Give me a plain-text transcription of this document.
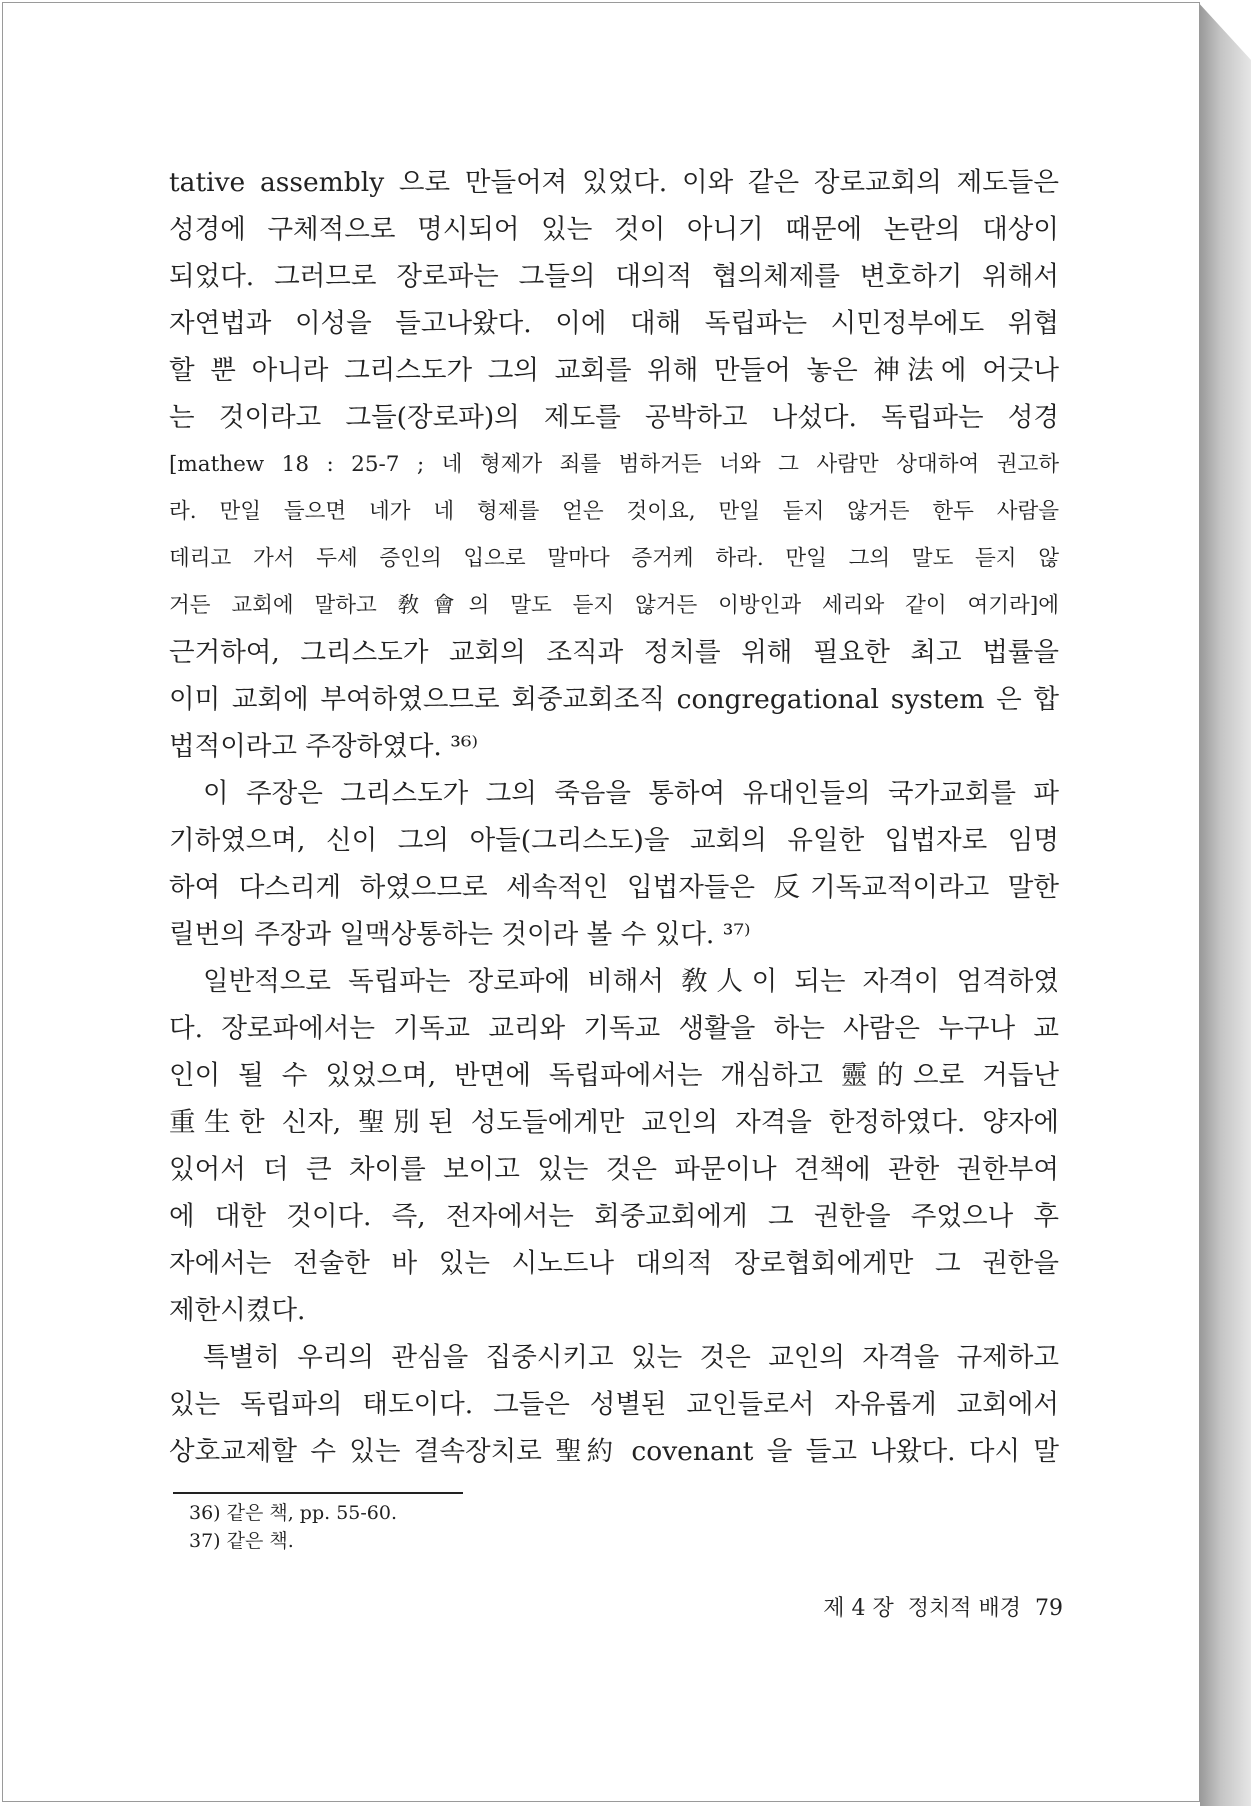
tative assembly 으로 만들어져 있었다. 이와 같은 장로교회의 제도들은
성경에 구체적으로 명시되어 있는 것이 아니기 때문에 논란의 대상이
되었다. 그러므로 장로파는 그들의 대의적 협의체제를 변호하기 위해서
자연법과 이성을 들고나왔다. 이에 대해 독립파는 시민정부에도 위협
할 뿐 아니라 그리스도가 그의 교회를 위해 만들어 놓은 神法에 어긋나
는 것이라고 그들(장로파)의 제도를 공박하고 나섰다. 독립파는 성경
[mathew 18 : 25-7 ; 네 형제가 죄를 범하거든 너와 그 사람만 상대하여 권고하
라. 만일 들으면 네가 네 형제를 얻은 것이요, 만일 듣지 않거든 한두 사람을
데리고 가서 두세 증인의 입으로 말마다 증거케 하라. 만일 그의 말도 듣지 않
거든 교회에 말하고 敎會의 말도 듣지 않거든 이방인과 세리와 같이 여기라]에
근거하여, 그리스도가 교회의 조직과 정치를 위해 필요한 최고 법률을
이미 교회에 부여하였으므로 회중교회조직 congregational system 은 합
법적이라고 주장하였다. ³⁶⁾
이 주장은 그리스도가 그의 죽음을 통하여 유대인들의 국가교회를 파
기하였으며, 신이 그의 아들(그리스도)을 교회의 유일한 입법자로 임명
하여 다스리게 하였으므로 세속적인 입법자들은 反기독교적이라고 말한
릴번의 주장과 일맥상통하는 것이라 볼 수 있다. ³⁷⁾
일반적으로 독립파는 장로파에 비해서 敎人이 되는 자격이 엄격하였
다. 장로파에서는 기독교 교리와 기독교 생활을 하는 사람은 누구나 교
인이 될 수 있었으며, 반면에 독립파에서는 개심하고 靈的으로 거듭난
重生한 신자, 聖別된 성도들에게만 교인의 자격을 한정하였다. 양자에
있어서 더 큰 차이를 보이고 있는 것은 파문이나 견책에 관한 권한부여
에 대한 것이다. 즉, 전자에서는 회중교회에게 그 권한을 주었으나 후
자에서는 전술한 바 있는 시노드나 대의적 장로협회에게만 그 권한을
제한시켰다.
특별히 우리의 관심을 집중시키고 있는 것은 교인의 자격을 규제하고
있는 독립파의 태도이다. 그들은 성별된 교인들로서 자유롭게 교회에서
상호교제할 수 있는 결속장치로 聖約 covenant 을 들고 나왔다. 다시 말
36) 같은 책, pp. 55-60.
37) 같은 책.
제 4 장 정치적 배경 79
